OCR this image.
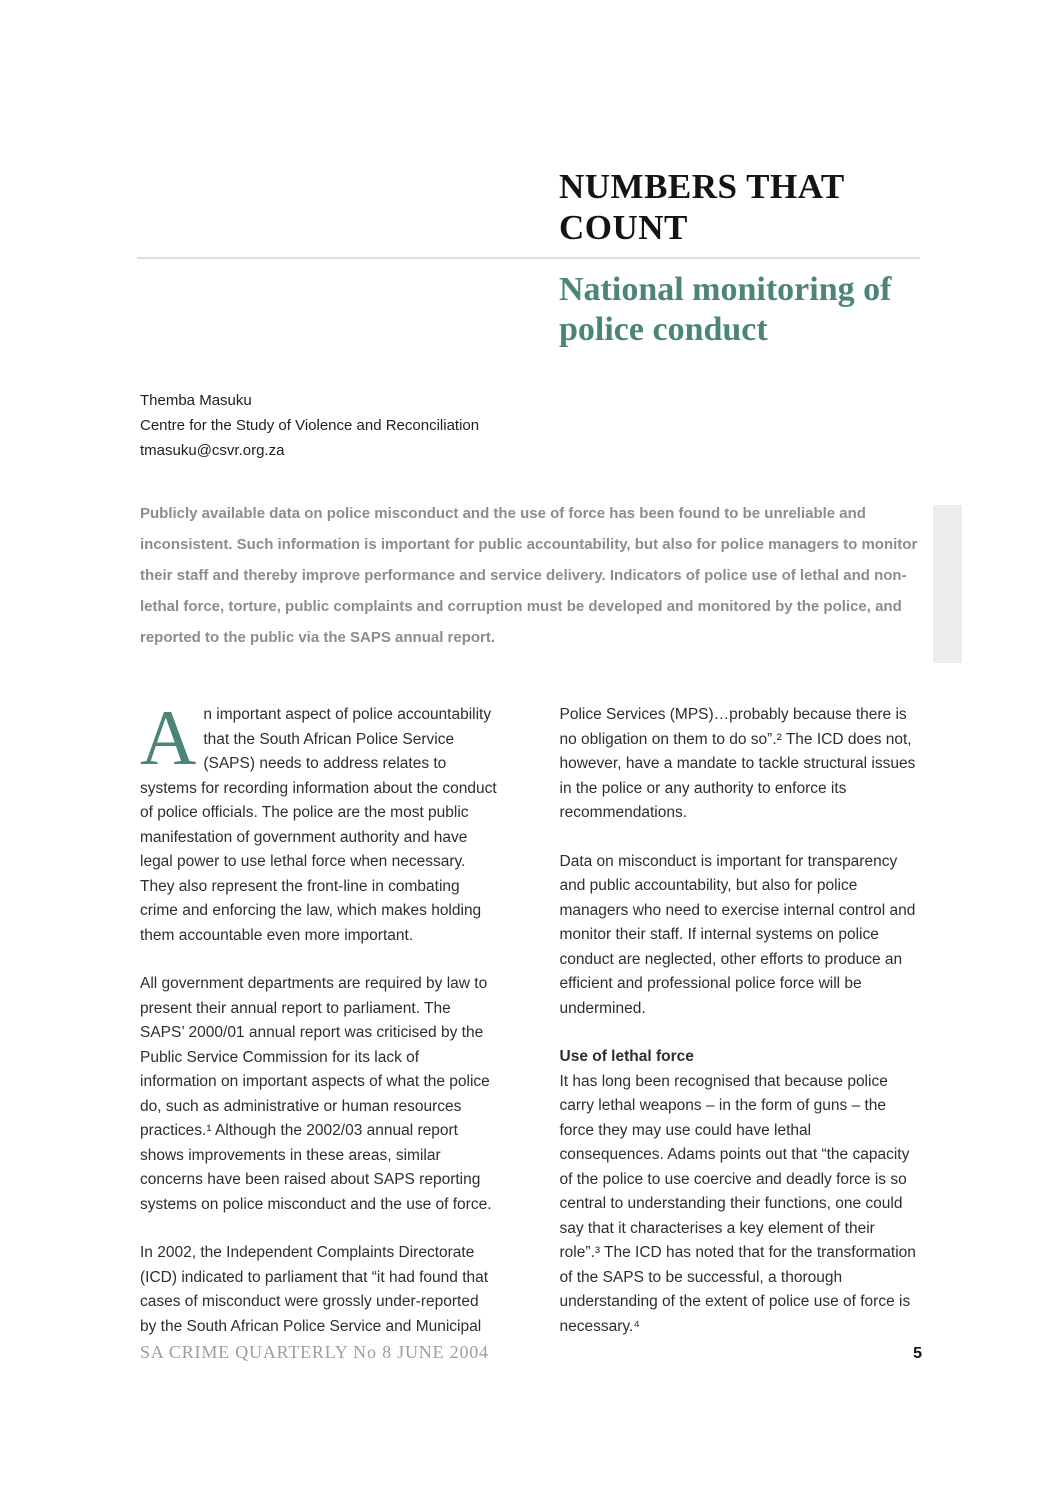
NUMBERS THAT COUNT
National monitoring of police conduct
Themba Masuku
Centre for the Study of Violence and Reconciliation
tmasuku@csvr.org.za

Publicly available data on police misconduct and the use of force has been found to be unreliable and inconsistent. Such information is important for public accountability, but also for police managers to monitor their staff and thereby improve performance and service delivery. Indicators of police use of lethal and non-lethal force, torture, public complaints and corruption must be developed and monitored by the police, and reported to the public via the SAPS annual report.

An important aspect of police accountability that the South African Police Service (SAPS) needs to address relates to systems for recording information about the conduct of police officials. The police are the most public manifestation of government authority and have legal power to use lethal force when necessary. They also represent the front-line in combating crime and enforcing the law, which makes holding them accountable even more important.

All government departments are required by law to present their annual report to parliament. The SAPS’ 2000/01 annual report was criticised by the Public Service Commission for its lack of information on important aspects of what the police do, such as administrative or human resources practices.¹ Although the 2002/03 annual report shows improvements in these areas, similar concerns have been raised about SAPS reporting systems on police misconduct and the use of force.

In 2002, the Independent Complaints Directorate (ICD) indicated to parliament that “it had found that cases of misconduct were grossly under-reported by the South African Police Service and Municipal

Police Services (MPS)…probably because there is no obligation on them to do so”.² The ICD does not, however, have a mandate to tackle structural issues in the police or any authority to enforce its recommendations.

Data on misconduct is important for transparency and public accountability, but also for police managers who need to exercise internal control and monitor their staff. If internal systems on police conduct are neglected, other efforts to produce an efficient and professional police force will be undermined.

Use of lethal force

It has long been recognised that because police carry lethal weapons – in the form of guns – the force they may use could have lethal consequences. Adams points out that “the capacity of the police to use coercive and deadly force is so central to understanding their functions, one could say that it characterises a key element of their role”.³ The ICD has noted that for the transformation of the SAPS to be successful, a thorough understanding of the extent of police use of force is necessary.⁴

SA CRIME QUARTERLY No 8 JUNE 2004	5
